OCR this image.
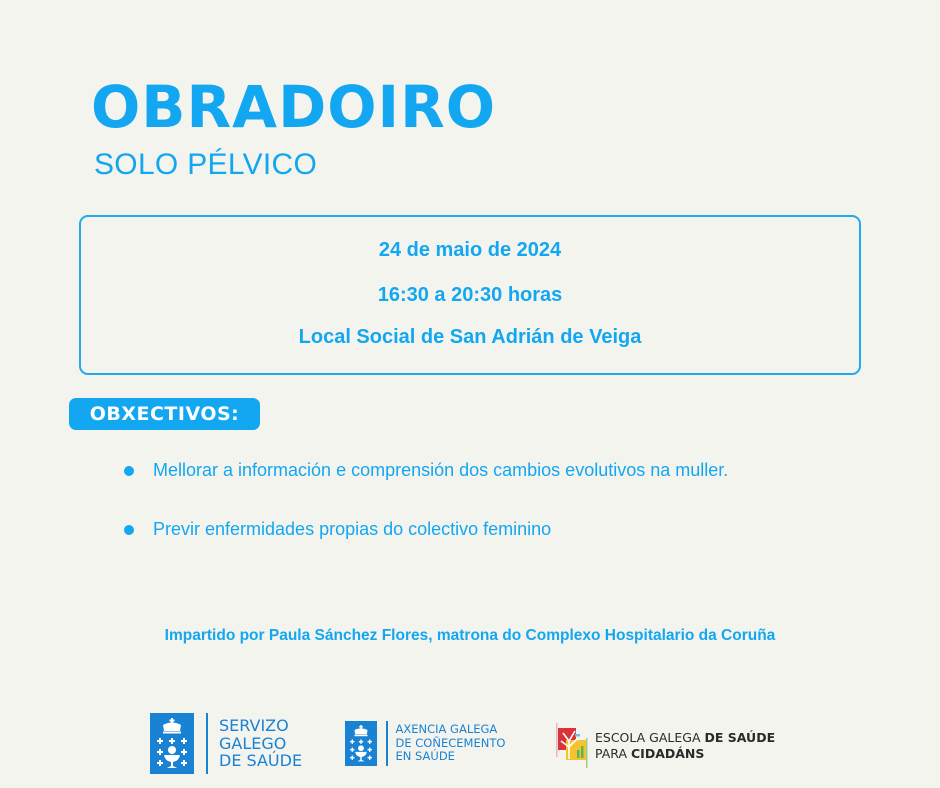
OBRADOIRO
SOLO PÉLVICO
24 de maio de 2024
16:30 a 20:30 horas
Local Social de San Adrián de Veiga
OBXECTIVOS:
Mellorar a información e comprensión dos cambios evolutivos na muller.
Previr enfermidades propias do colectivo feminino
Impartido por Paula Sánchez Flores, matrona do Complexo Hospitalario da Coruña
SERVIZO
GALEGO
DE SAÚDE
AXENCIA GALEGA
DE COÑECEMENTO
EN SAÚDE
ESCOLA GALEGA DE SAÚDE
PARA CIDADÁNS
